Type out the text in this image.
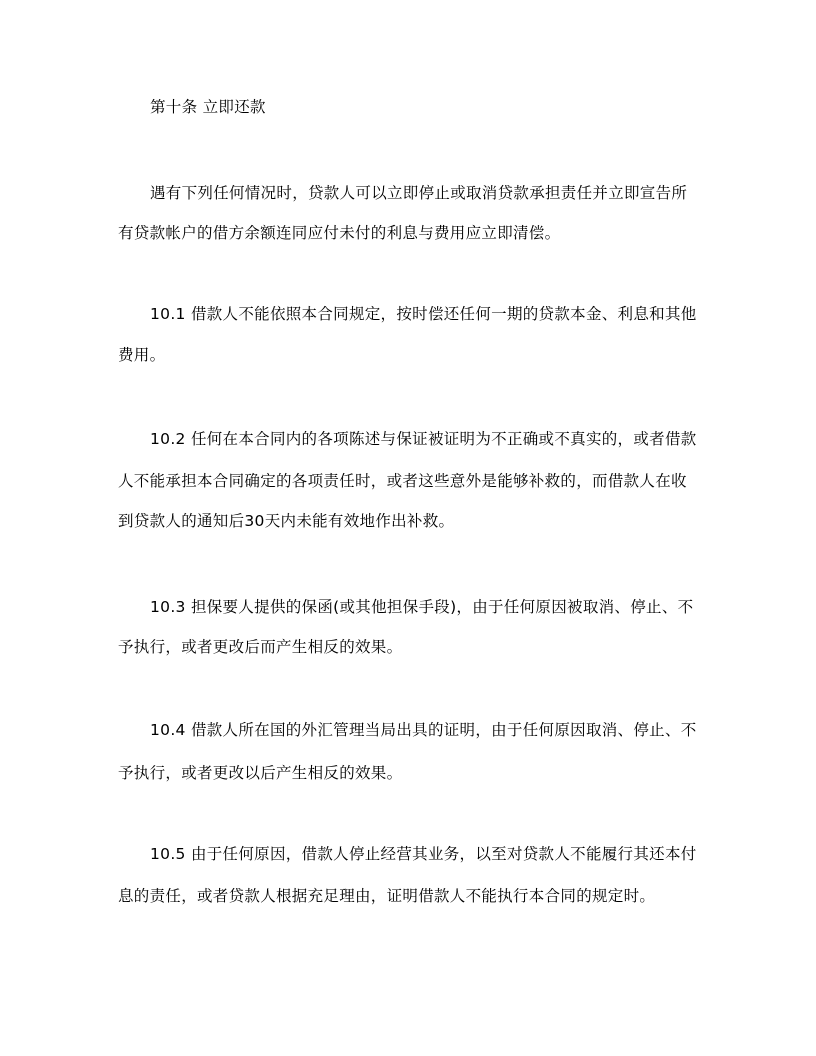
第十条 立即还款
遇有下列任何情况时，贷款人可以立即停止或取消贷款承担责任并立即宣告所
有贷款帐户的借方余额连同应付未付的利息与费用应立即清偿。
10.1 借款人不能依照本合同规定，按时偿还任何一期的贷款本金、利息和其他
费用。
10.2 任何在本合同内的各项陈述与保证被证明为不正确或不真实的，或者借款
人不能承担本合同确定的各项责任时，或者这些意外是能够补救的，而借款人在收
到贷款人的通知后30天内未能有效地作出补救。
10.3 担保要人提供的保函(或其他担保手段)，由于任何原因被取消、停止、不
予执行，或者更改后而产生相反的效果。
10.4 借款人所在国的外汇管理当局出具的证明，由于任何原因取消、停止、不
予执行，或者更改以后产生相反的效果。
10.5 由于任何原因，借款人停止经营其业务，以至对贷款人不能履行其还本付
息的责任，或者贷款人根据充足理由，证明借款人不能执行本合同的规定时。
